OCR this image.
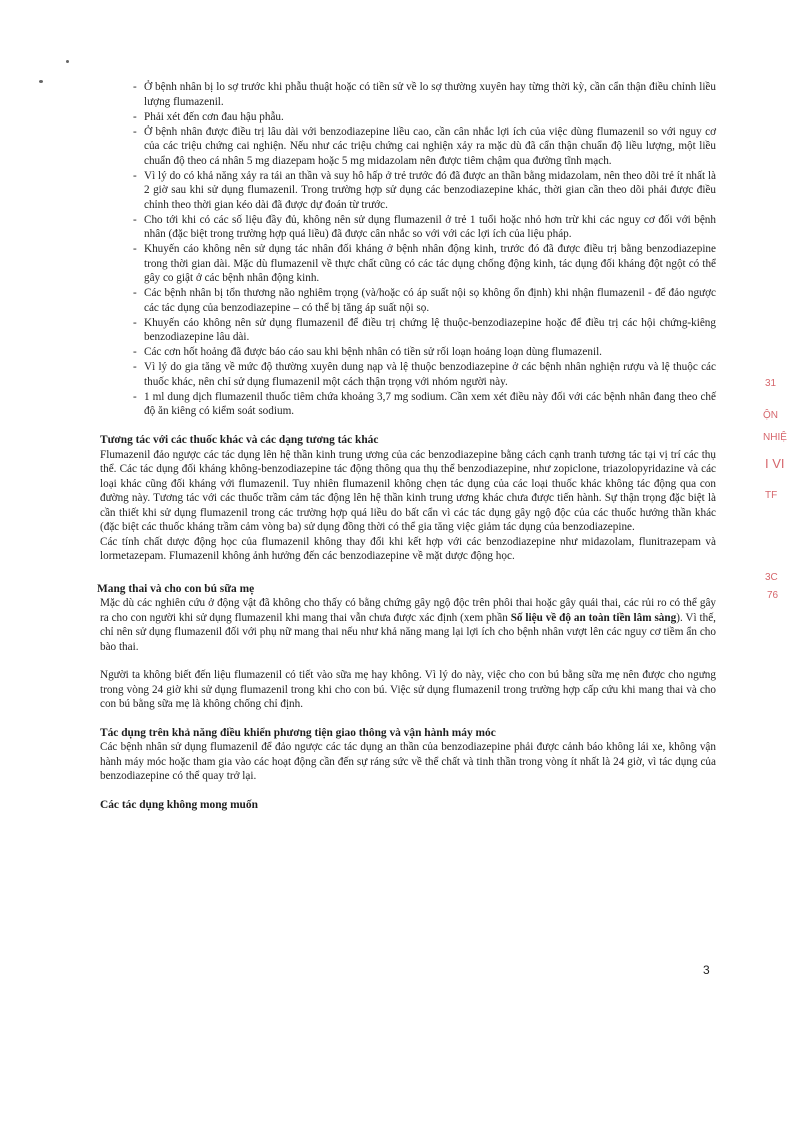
- Ở bệnh nhân bị lo sợ trước khi phẫu thuật hoặc có tiền sử về lo sợ thường xuyên hay từng thời kỳ, cần cẩn thận điều chỉnh liều lượng flumazenil.
- Phải xét đến cơn đau hậu phẫu.
- Ở bệnh nhân được điều trị lâu dài với benzodiazepine liều cao, cần cân nhắc lợi ích của việc dùng flumazenil so với nguy cơ của các triệu chứng cai nghiện. Nếu như các triệu chứng cai nghiện xảy ra mặc dù đã cẩn thận chuẩn độ liều lượng, một liều chuẩn độ theo cá nhân 5 mg diazepam hoặc 5 mg midazolam nên được tiêm chậm qua đường tĩnh mạch.
- Vì lý do có khả năng xảy ra tái an thần và suy hô hấp ở trẻ trước đó đã được an thần bằng midazolam, nên theo dõi trẻ ít nhất là 2 giờ sau khi sử dụng flumazenil. Trong trường hợp sử dụng các benzodiazepine khác, thời gian cần theo dõi phải được điều chỉnh theo thời gian kéo dài đã được dự đoán từ trước.
- Cho tới khi có các số liệu đầy đủ, không nên sử dụng flumazenil ở trẻ 1 tuổi hoặc nhỏ hơn trừ khi các nguy cơ đối với bệnh nhân (đặc biệt trong trường hợp quá liều) đã được cân nhắc so với với các lợi ích của liệu pháp.
- Khuyến cáo không nên sử dụng tác nhân đối kháng ở bệnh nhân động kinh, trước đó đã được điều trị bằng benzodiazepine trong thời gian dài. Mặc dù flumazenil về thực chất cũng có các tác dụng chống động kinh, tác dụng đối kháng đột ngột có thể gây co giật ở các bệnh nhân động kinh.
- Các bệnh nhân bị tổn thương não nghiêm trọng (và/hoặc có áp suất nội sọ không ổn định) khi nhận flumazenil - để đảo ngược các tác dụng của benzodiazepine – có thể bị tăng áp suất nội sọ.
- Khuyến cáo không nên sử dụng flumazenil để điều trị chứng lệ thuộc-benzodiazepine hoặc để điều trị các hội chứng-kiêng benzodiazepine lâu dài.
- Các cơn hốt hoảng đã được báo cáo sau khi bệnh nhân có tiền sử rối loạn hoảng loạn dùng flumazenil.
- Vì lý do gia tăng về mức độ thường xuyên dung nạp và lệ thuộc benzodiazepine ở các bệnh nhân nghiện rượu và lệ thuộc các thuốc khác, nên chỉ sử dụng flumazenil một cách thận trọng với nhóm người này.
- 1 ml dung dịch flumazenil thuốc tiêm chứa khoảng 3,7 mg sodium. Cần xem xét điều này đối với các bệnh nhân đang theo chế độ ăn kiêng có kiểm soát sodium.
Tương tác với các thuốc khác và các dạng tương tác khác

Flumazenil đảo ngược các tác dụng lên hệ thần kinh trung ương của các benzodiazepine bằng cách cạnh tranh tương tác tại vị trí các thụ thể. Các tác dụng đối kháng không-benzodiazepine tác động thông qua thụ thể benzodiazepine, như zopiclone, triazolopyridazine và các loại khác cũng đối kháng với flumazenil. Tuy nhiên flumazenil không chẹn tác dụng của các loại thuốc khác không tác động qua con đường này. Tương tác với các thuốc trầm cảm tác động lên hệ thần kinh trung ương khác chưa được tiến hành. Sự thận trọng đặc biệt là cần thiết khi sử dụng flumazenil trong các trường hợp quá liều do bất cẩn vì các tác dụng gây ngộ độc của các thuốc hướng thần khác (đặc biệt các thuốc kháng trầm cảm vòng ba) sử dụng đồng thời có thể gia tăng việc giảm tác dụng của benzodiazepine.

Các tính chất dược động học của flumazenil không thay đổi khi kết hợp với các benzodiazepine như midazolam, flunitrazepam và lormetazepam. Flumazenil không ảnh hưởng đến các benzodiazepine về mặt dược động học.

Mang thai và cho con bú sữa mẹ

Mặc dù các nghiên cứu ở động vật đã không cho thấy có bằng chứng gây ngộ độc trên phôi thai hoặc gây quái thai, các rủi ro có thể gây ra cho con người khi sử dụng flumazenil khi mang thai vẫn chưa được xác định (xem phần Số liệu về độ an toàn tiền lâm sàng). Vì thế, chỉ nên sử dụng flumazenil đối với phụ nữ mang thai nếu như khả năng mang lại lợi ích cho bệnh nhân vượt lên các nguy cơ tiềm ẩn cho bào thai.

Người ta không biết đến liệu flumazenil có tiết vào sữa mẹ hay không. Vì lý do này, việc cho con bú bằng sữa mẹ nên được cho ngưng trong vòng 24 giờ khi sử dụng flumazenil trong khi cho con bú. Việc sử dụng flumazenil trong trường hợp cấp cứu khi mang thai và cho con bú bằng sữa mẹ là không chống chỉ định.

Tác dụng trên khả năng điều khiển phương tiện giao thông và vận hành máy móc

Các bệnh nhân sử dụng flumazenil để đảo ngược các tác dụng an thần của benzodiazepine phải được cảnh báo không lái xe, không vận hành máy móc hoặc tham gia vào các hoạt động cần đến sự ráng sức về thể chất và tinh thần trong vòng ít nhất là 24 giờ, vì tác dụng của benzodiazepine có thể quay trở lại.

Các tác dụng không mong muốn
3
31
ỘN
NHIỆ
I VI
TF
3C
76
